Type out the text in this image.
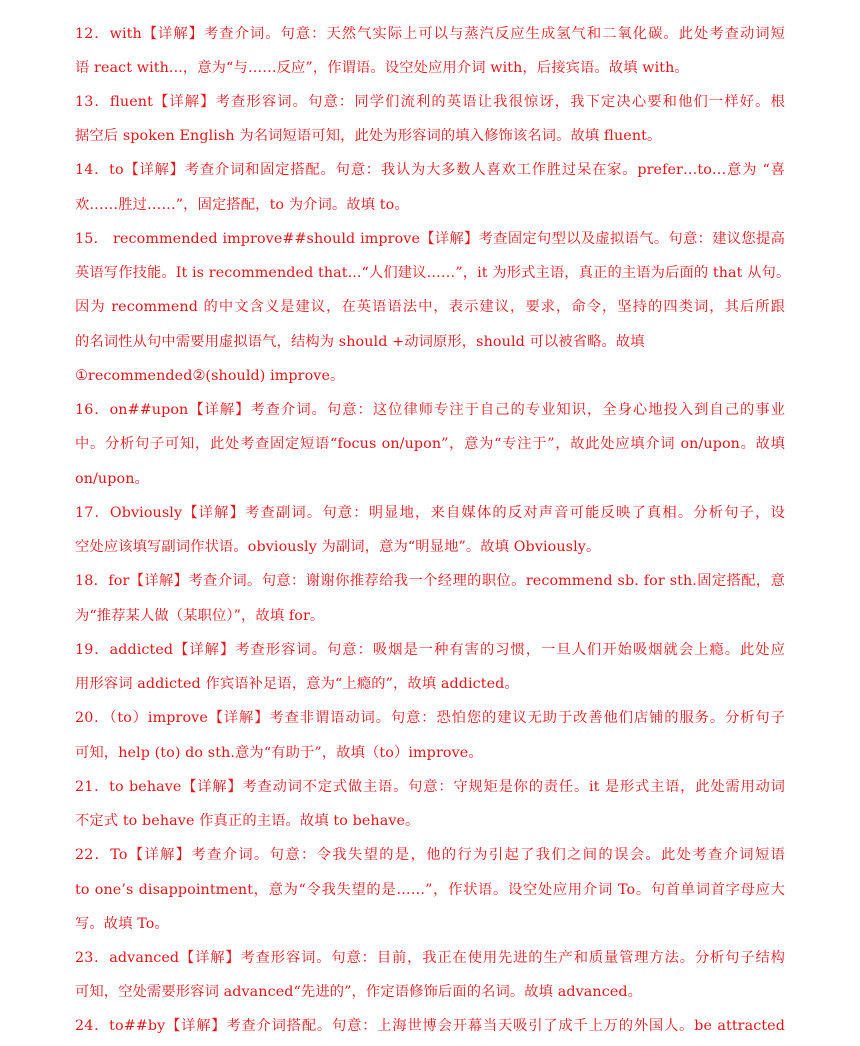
12．with【详解】考查介词。句意：天然气实际上可以与蒸汽反应生成氢气和二氧化碳。此处考查动词短
语 react with...，意为“与……反应”，作谓语。设空处应用介词 with，后接宾语。故填 with。
13．fluent【详解】考查形容词。句意：同学们流利的英语让我很惊讶，我下定决心要和他们一样好。根
据空后 spoken English 为名词短语可知，此处为形容词的填入修饰该名词。故填 fluent。
14．to【详解】考查介词和固定搭配。句意：我认为大多数人喜欢工作胜过呆在家。prefer…to…意为 “喜
欢……胜过……”，固定搭配，to 为介词。故填 to。
15． recommended improve##should improve【详解】考查固定句型以及虚拟语气。句意：建议您提高
英语写作技能。It is recommended that...“人们建议……”，it 为形式主语，真正的主语为后面的 that 从句。
因为 recommend 的中文含义是建议，在英语语法中，表示建议，要求，命令，坚持的四类词，其后所跟
的名词性从句中需要用虚拟语气，结构为 should +动词原形，should 可以被省略。故填
①recommended②(should) improve。
16．on##upon【详解】考查介词。句意：这位律师专注于自己的专业知识，全身心地投入到自己的事业
中。分析句子可知，此处考查固定短语“focus on/upon”，意为“专注于”，故此处应填介词 on/upon。故填
on/upon。
17．Obviously【详解】考查副词。句意：明显地，来自媒体的反对声音可能反映了真相。分析句子，设
空处应该填写副词作状语。obviously 为副词，意为“明显地”。故填 Obviously。
18．for【详解】考查介词。句意：谢谢你推荐给我一个经理的职位。recommend sb. for sth.固定搭配，意
为“推荐某人做（某职位）”，故填 for。
19．addicted【详解】考查形容词。句意：吸烟是一种有害的习惯，一旦人们开始吸烟就会上瘾。此处应
用形容词 addicted 作宾语补足语，意为“上瘾的”，故填 addicted。
20．（to）improve【详解】考查非谓语动词。句意：恐怕您的建议无助于改善他们店铺的服务。分析句子
可知，help (to) do sth.意为“有助于”，故填（to）improve。
21．to behave【详解】考查动词不定式做主语。句意：守规矩是你的责任。it 是形式主语，此处需用动词
不定式 to behave 作真正的主语。故填 to behave。
22．To【详解】考查介词。句意：令我失望的是，他的行为引起了我们之间的误会。此处考查介词短语
to one’s disappointment，意为“令我失望的是……”，作状语。设空处应用介词 To。句首单词首字母应大
写。故填 To。
23．advanced【详解】考查形容词。句意：目前，我正在使用先进的生产和质量管理方法。分析句子结构
可知，空处需要形容词 advanced“先进的”，作定语修饰后面的名词。故填 advanced。
24．to##by【详解】考查介词搭配。句意：上海世博会开幕当天吸引了成千上万的外国人。be attracted
